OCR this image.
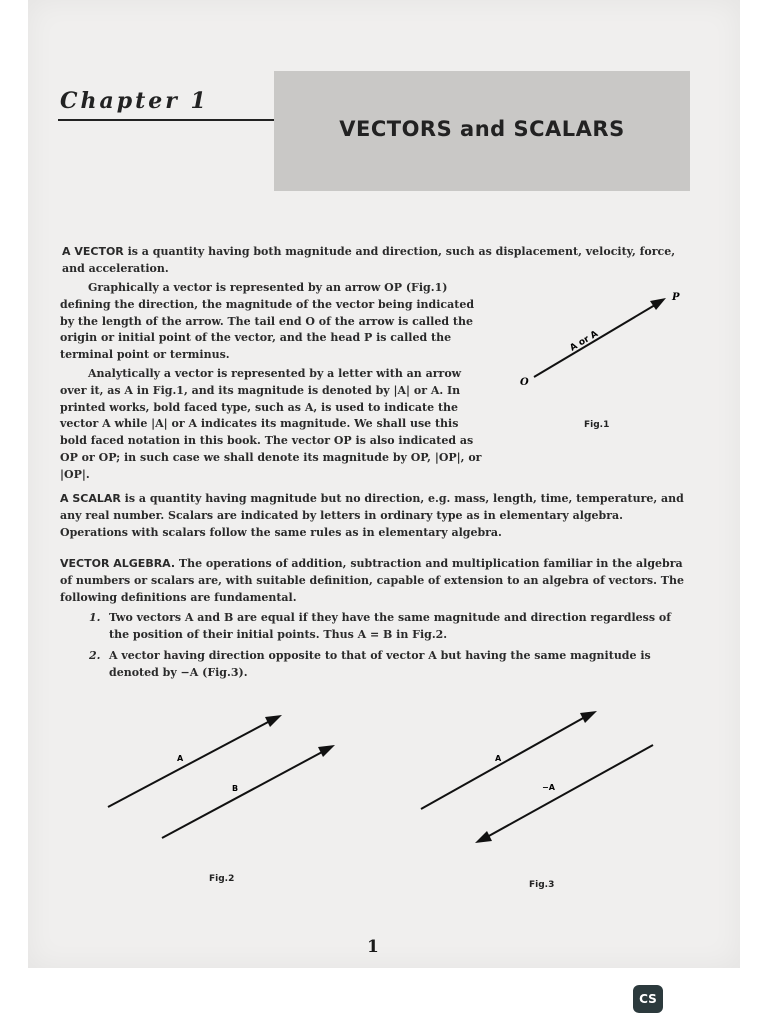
Chapter 1
VECTORS and SCALARS

A VECTOR is a quantity having both magnitude and direction, such as displacement, velocity, force, and acceleration.

Graphically a vector is represented by an arrow OP (Fig.1) defining the direction, the magnitude of the vector being indicated by the length of the arrow. The tail end O of the arrow is called the origin or initial point of the vector, and the head P is called the terminal point or terminus.

Analytically a vector is represented by a letter with an arrow over it, as A in Fig.1, and its magnitude is denoted by |A| or A. In printed works, bold faced type, such as A, is used to indicate the vector A while |A| or A indicates its magnitude. We shall use this bold faced notation in this book. The vector OP is also indicated as OP or OP; in such case we shall denote its magnitude by OP, |OP|, or |OP|.

O
P
A or A
Fig.1

A SCALAR is a quantity having magnitude but no direction, e.g. mass, length, time, temperature, and any real number. Scalars are indicated by letters in ordinary type as in elementary algebra. Operations with scalars follow the same rules as in elementary algebra.

VECTOR ALGEBRA. The operations of addition, subtraction and multiplication familiar in the algebra of numbers or scalars are, with suitable definition, capable of extension to an algebra of vectors. The following definitions are fundamental.

1. Two vectors A and B are equal if they have the same magnitude and direction regardless of the position of their initial points. Thus A = B in Fig.2.

2. A vector having direction opposite to that of vector A but having the same magnitude is denoted by −A (Fig.3).

A
B
Fig.2
A
−A
Fig.3
1
CS
